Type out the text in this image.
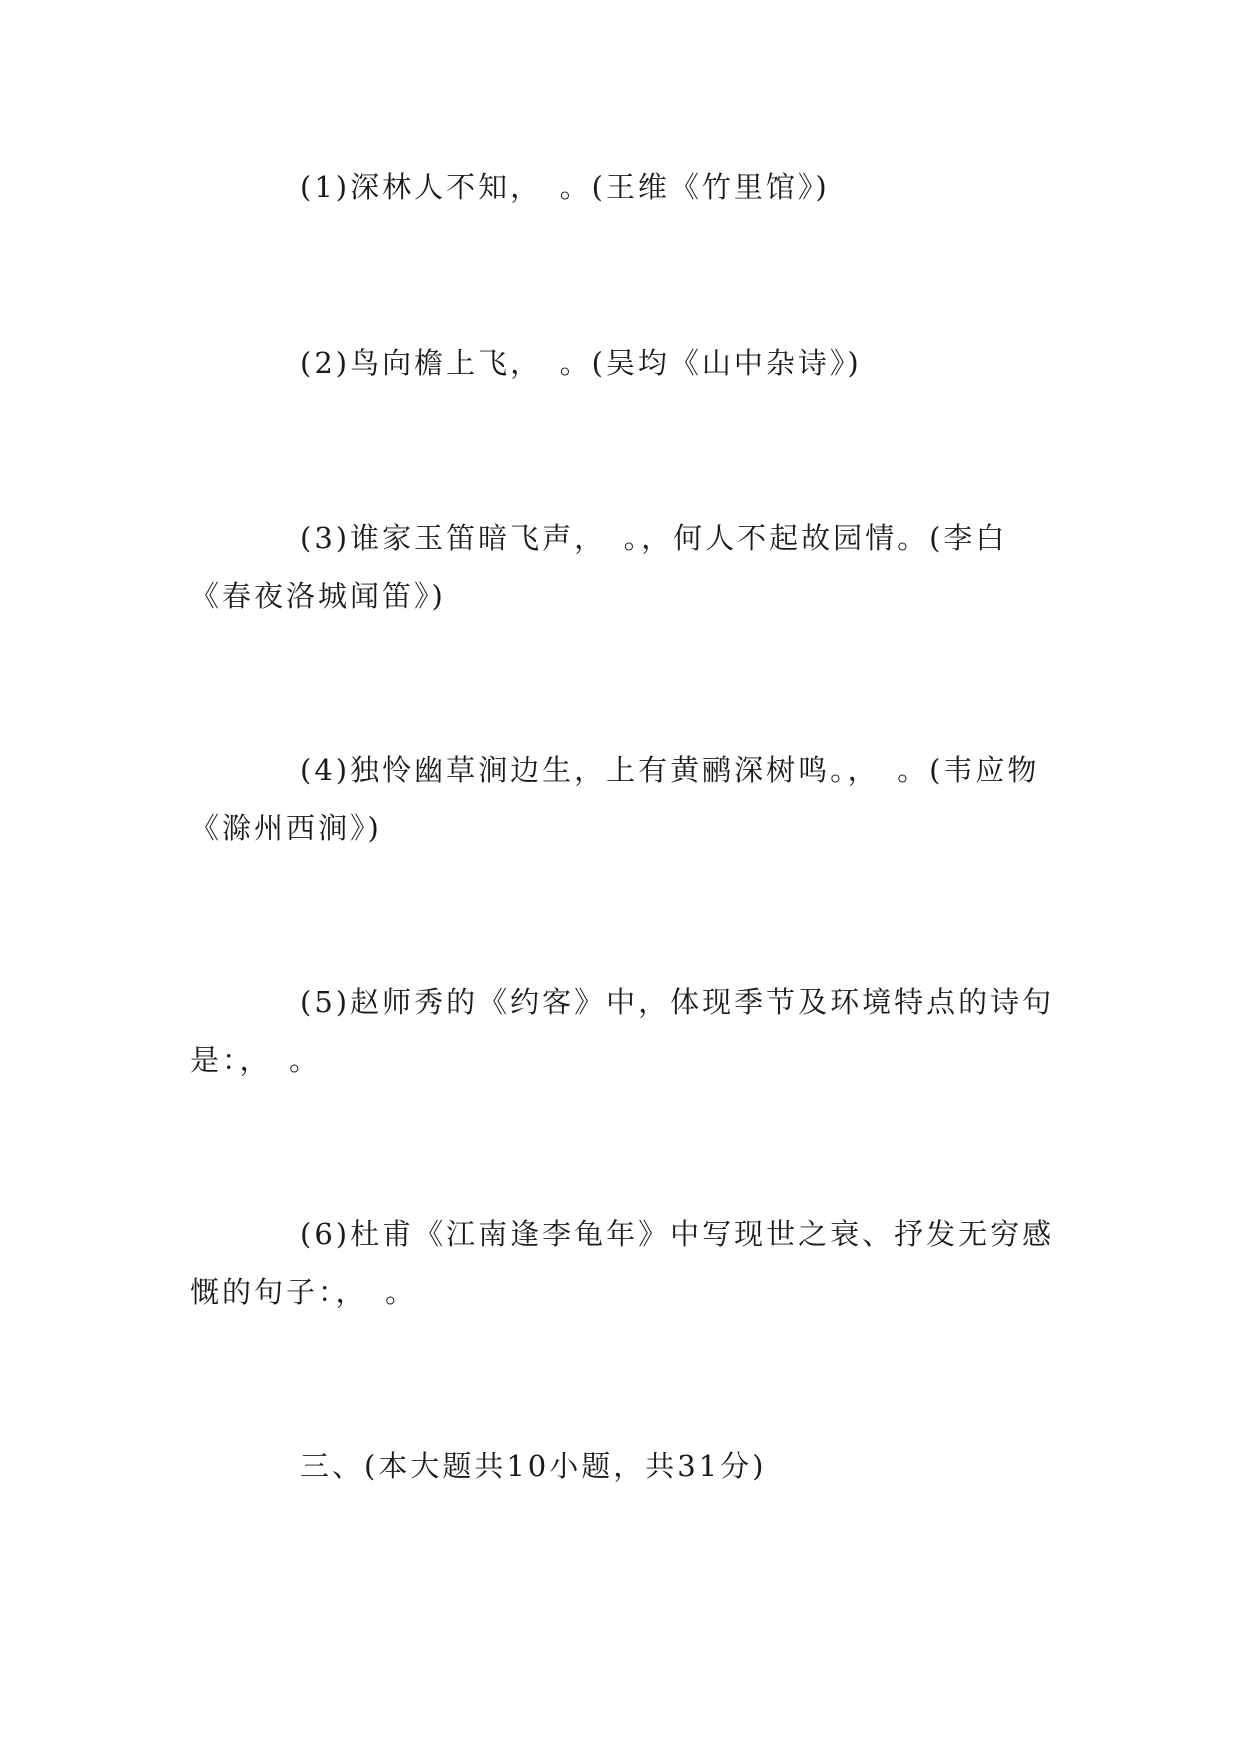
(1)深林人不知，　。(王维《竹里馆》)

(2)鸟向檐上飞，　。(吴均《山中杂诗》)

(3)谁家玉笛暗飞声，　。，何人不起故园情。(李白《春夜洛城闻笛》)

(4)独怜幽草涧边生，上有黄鹂深树鸣。，　。(韦应物《滁州西涧》)

(5)赵师秀的《约客》中，体现季节及环境特点的诗句是：，　。

(6)杜甫《江南逢李龟年》中写现世之衰、抒发无穷感慨的句子：，　。

三、(本大题共10小题，共31分)
